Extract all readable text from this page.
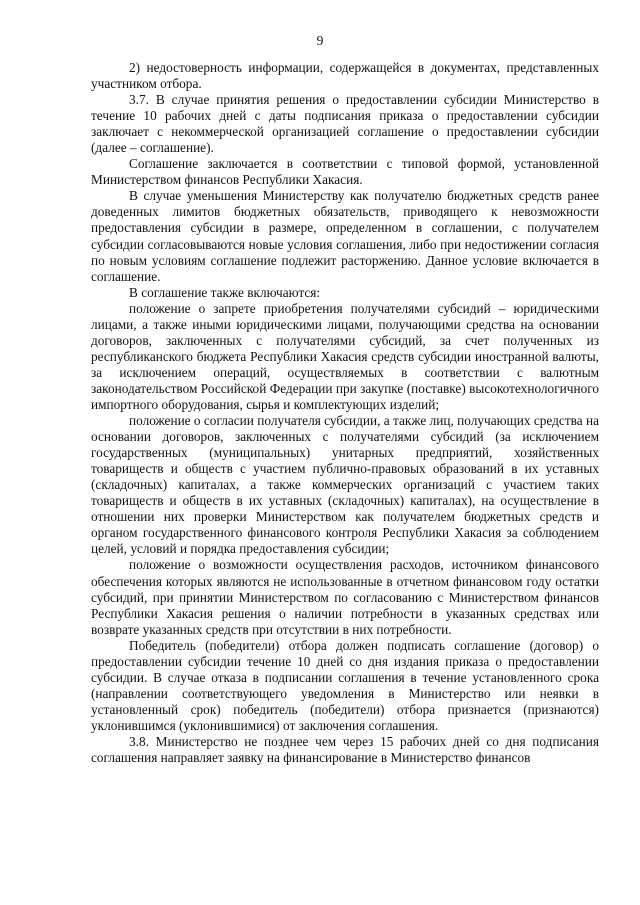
9

2) недостоверность информации, содержащейся в документах, представленных участником отбора.

3.7. В случае принятия решения о предоставлении субсидии Министерство в течение 10 рабочих дней с даты подписания приказа о предоставлении субсидии заключает с некоммерческой организацией соглашение о предоставлении субсидии (далее – соглашение).

Соглашение заключается в соответствии с типовой формой, установленной Министерством финансов Республики Хакасия.

В случае уменьшения Министерству как получателю бюджетных средств ранее доведенных лимитов бюджетных обязательств, приводящего к невозможности предоставления субсидии в размере, определенном в соглашении, с получателем субсидии согласовываются новые условия соглашения, либо при недостижении согласия по новым условиям соглашение подлежит расторжению. Данное условие включается в соглашение.

В соглашение также включаются:

положение о запрете приобретения получателями субсидий – юридическими лицами, а также иными юридическими лицами, получающими средства на основании договоров, заключенных с получателями субсидий, за счет полученных из республиканского бюджета Республики Хакасия средств субсидии иностранной валюты, за исключением операций, осуществляемых в соответствии с валютным законодательством Российской Федерации при закупке (поставке) высокотехнологичного импортного оборудования, сырья и комплектующих изделий;

положение о согласии получателя субсидии, а также лиц, получающих средства на основании договоров, заключенных с получателями субсидий (за исключением государственных (муниципальных) унитарных предприятий, хозяйственных товариществ и обществ с участием публично-правовых образований в их уставных (складочных) капиталах, а также коммерческих организаций с участием таких товариществ и обществ в их уставных (складочных) капиталах), на осуществление в отношении них проверки Министерством как получателем бюджетных средств и органом государственного финансового контроля Республики Хакасия за соблюдением целей, условий и порядка предоставления субсидии;

положение о возможности осуществления расходов, источником финансового обеспечения которых являются не использованные в отчетном финансовом году остатки субсидий, при принятии Министерством по согласованию с Министерством финансов Республики Хакасия решения о наличии потребности в указанных средствах или возврате указанных средств при отсутствии в них потребности.

Победитель (победители) отбора должен подписать соглашение (договор) о предоставлении субсидии течение 10 дней со дня издания приказа о предоставлении субсидии. В случае отказа в подписании соглашения в течение установленного срока (направлении соответствующего уведомления в Министерство или неявки в установленный срок) победитель (победители) отбора признается (признаются) уклонившимся (уклонившимися) от заключения соглашения.

3.8. Министерство не позднее чем через 15 рабочих дней со дня подписания соглашения направляет заявку на финансирование в Министерство финансов
